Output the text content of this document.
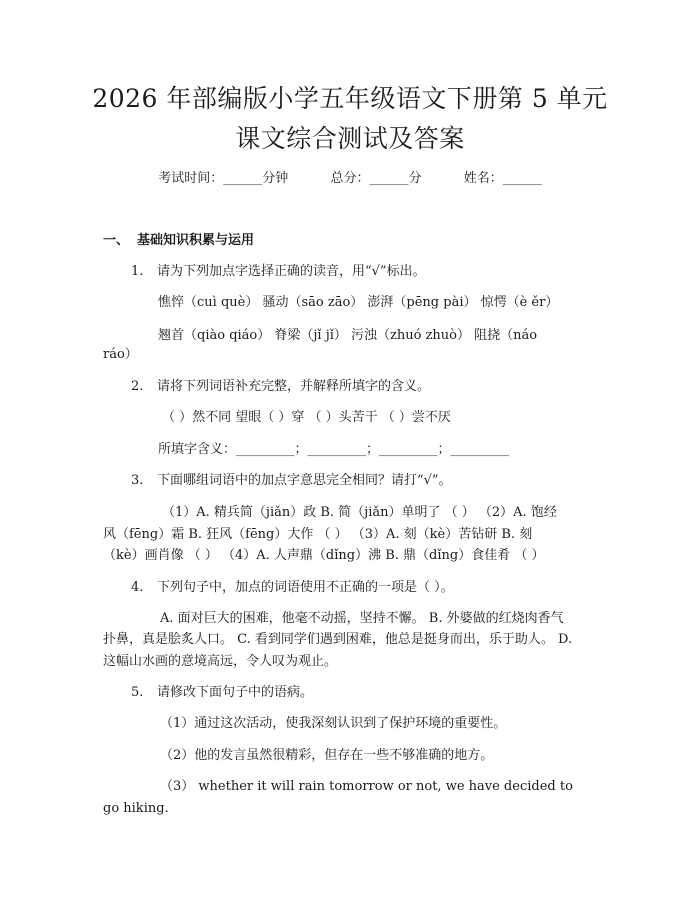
2026 年部编版小学五年级语文下册第 5 单元
课文综合测试及答案
考试时间：______分钟	总分：______分	姓名：______
一、 基础知识积累与运用
1. 请为下列加点字选择正确的读音，用“√”标出。
憔悴（cuì què） 骚动（sāo zāo） 澎湃（pēng pài） 惊愕（è ěr）
翘首（qiào qiáo） 脊梁（jǐ jǐ） 污浊（zhuó zhuò） 阻挠（náo
ráo）
2. 请将下列词语补充完整，并解释所填字的含义。
（ ）然不同 望眼（ ）穿 （ ）头苦干 （ ）尝不厌
所填字含义：_________；_________；_________；_________
3. 下面哪组词语中的加点字意思完全相同？请打“√”。
（1）A. 精兵简（jiǎn）政 B. 简（jiǎn）单明了 （ ） （2）A. 饱经
风（fēng）霜 B. 狂风（fēng）大作 （ ） （3）A. 刻（kè）苦钻研 B. 刻
（kè）画肖像 （ ） （4）A. 人声鼎（dǐng）沸 B. 鼎（dǐng）食佳肴 （ ）
4. 下列句子中，加点的词语使用不正确的一项是（ ）。
A. 面对巨大的困难，他毫不动摇，坚持不懈。 B. 外婆做的红烧肉香气
扑鼻，真是脍炙人口。 C. 看到同学们遇到困难，他总是挺身而出，乐于助人。 D.
这幅山水画的意境高远，令人叹为观止。
5. 请修改下面句子中的语病。
（1）通过这次活动，使我深刻认识到了保护环境的重要性。
（2）他的发言虽然很精彩，但存在一些不够准确的地方。
（3） whether it will rain tomorrow or not, we have decided to
go hiking.
